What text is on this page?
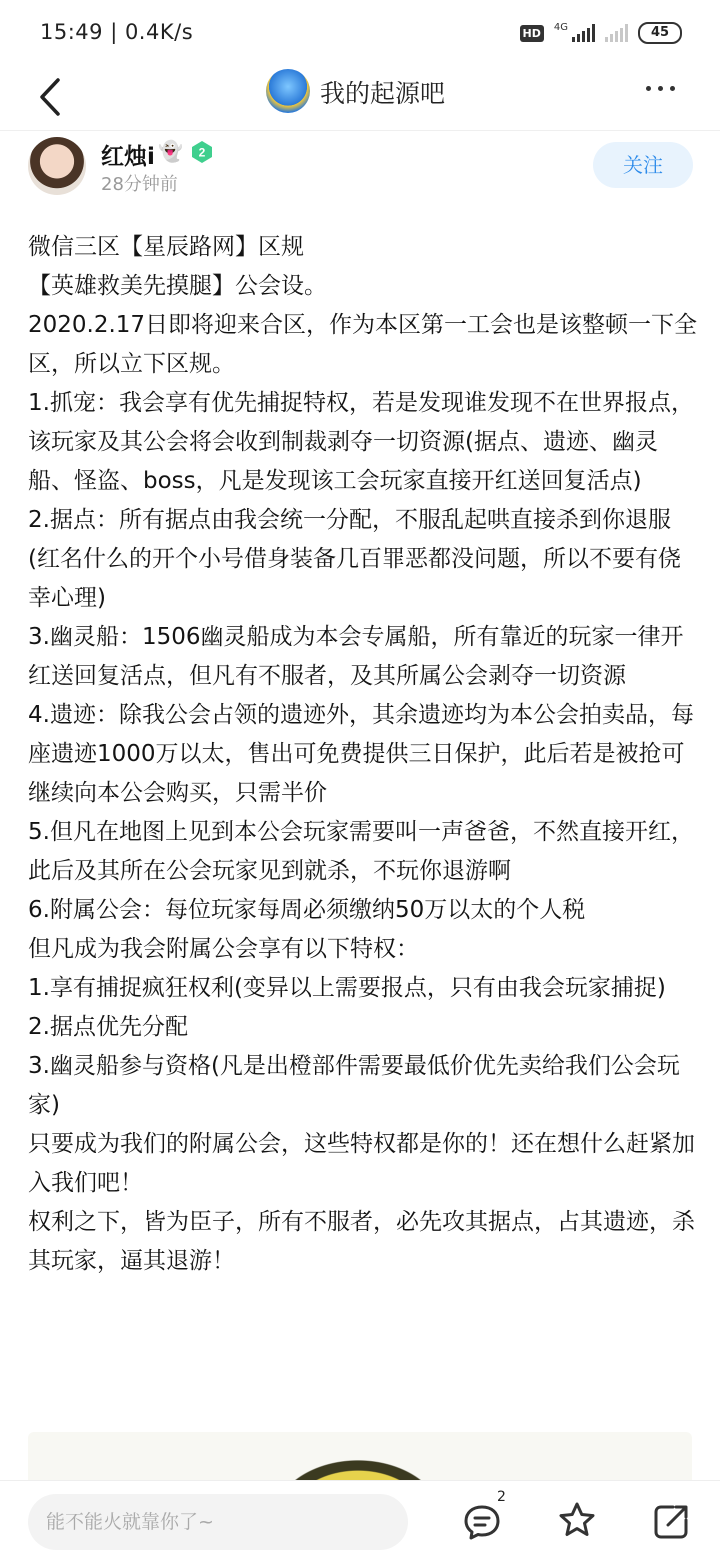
15:49 | 0.4K/s	HD	4G	45
我的起源吧
红烛i 👻 2
28分钟前
关注

微信三区【星辰路网】区规

【英雄救美先摸腿】公会设。

2020.2.17日即将迎来合区，作为本区第一工会也是该整顿一下全区，所以立下区规。

1.抓宠：我会享有优先捕捉特权，若是发现谁发现不在世界报点，该玩家及其公会将会收到制裁剥夺一切资源(据点、遗迹、幽灵船、怪盗、boss，凡是发现该工会玩家直接开红送回复活点)

2.据点：所有据点由我会统一分配，不服乱起哄直接杀到你退服(红名什么的开个小号借身装备几百罪恶都没问题，所以不要有侥幸心理)

3.幽灵船：1506幽灵船成为本会专属船，所有靠近的玩家一律开红送回复活点，但凡有不服者，及其所属公会剥夺一切资源

4.遗迹：除我公会占领的遗迹外，其余遗迹均为本公会拍卖品，每座遗迹1000万以太，售出可免费提供三日保护，此后若是被抢可继续向本公会购买，只需半价

5.但凡在地图上见到本公会玩家需要叫一声爸爸，不然直接开红，此后及其所在公会玩家见到就杀，不玩你退游啊

6.附属公会：每位玩家每周必须缴纳50万以太的个人税

但凡成为我会附属公会享有以下特权：

1.享有捕捉疯狂权利(变异以上需要报点，只有由我会玩家捕捉)

2.据点优先分配

3.幽灵船参与资格(凡是出橙部件需要最低价优先卖给我们公会玩家)

只要成为我们的附属公会，这些特权都是你的！还在想什么赶紧加入我们吧！

权利之下，皆为臣子，所有不服者，必先攻其据点，占其遗迹，杀其玩家，逼其退游！

能不能火就靠你了~
2
